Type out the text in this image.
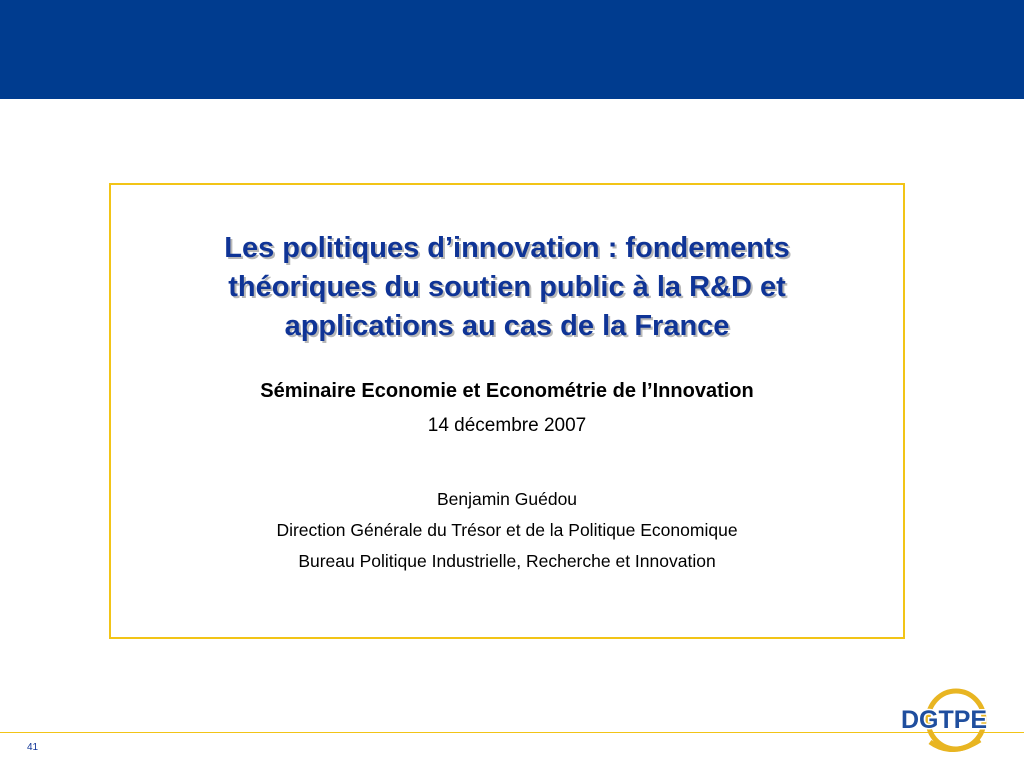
Les politiques d’innovation : fondements
théoriques du soutien public à la R&D et
applications au cas de la France
Séminaire Economie et Econométrie de l’Innovation
14 décembre 2007
Benjamin Guédou
Direction Générale du Trésor et de la Politique Economique
Bureau Politique Industrielle, Recherche et Innovation
41
DGTPE
